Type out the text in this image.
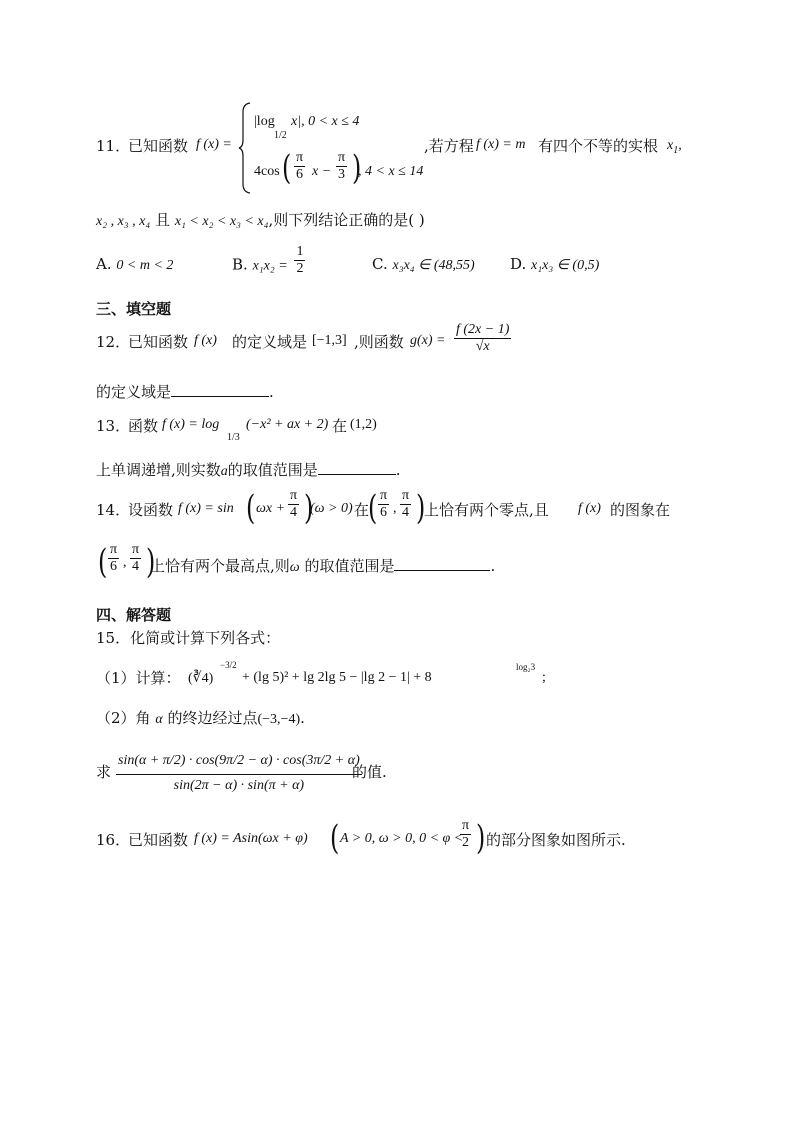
11．
已知函数 f (x) =
|log
1/2
x|, 0 < x ≤ 4
4cos ( $\frac{\pi}{6}$ $x - \frac{\pi}{3}$ )
, 4 < x ≤ 14
,若方程 f (x) = m 有四个不等的实根 $x_1$,
x₂ , x₃ , x₄ 且 x₁ < x₂ < x₃ < x₄,则下列结论正确的是( )
A. 0 < m < 2	B. $x_1x_2 = \frac{1}{2}$	C. x₃x₄ ∈ (48,55) D. x₁x₃ ∈ (0,5)
三、填空题
12．
已知函数 f (x) 的定义域是 [−1,3] ,则函数 $g(x) = \frac{f (2x - 1)}{√x}$
的定义域是	.
13．
函数 f (x) = log
1/3
(−x² + ax + 2) 在 (1,2)
上单调递增,则实数a的取值范围是	.
14．
设函数 f (x) = sin ( $\omega x + \frac{\pi}{4}$ )
(ω > 0) 在
( $\frac{\pi}{6}$ , $\frac{\pi}{4}$ )
上恰有两个零点,且 f (x) 的图象在
( $\frac{\pi}{6}$ , $\frac{\pi}{4}$ )
上恰有两个最高点,则ω 的取值范围是	.
四、解答题
15．化简或计算下列各式：
（1）计算： (∛4)
−3/2
+ (lg 5)² + lg 2lg 5 − |lg 2 − 1| + 8
log₂3
;
（2）角 α 的终边经过点(−3,−4).
求 $\frac{\sin(\alpha + \pi/2) \cdot \cos(9\pi/2 - \alpha) \cdot \cos(3\pi/2 + \alpha)}{\sin(2\pi - \alpha) \cdot \sin(\pi + \alpha)}$
的值.
16．
已知函数 f (x) = Asin(ωx + φ) ( A > 0, ω > 0, 0 < φ <
$\frac{\pi}{2}$ ) 的部分图象如图所示.
